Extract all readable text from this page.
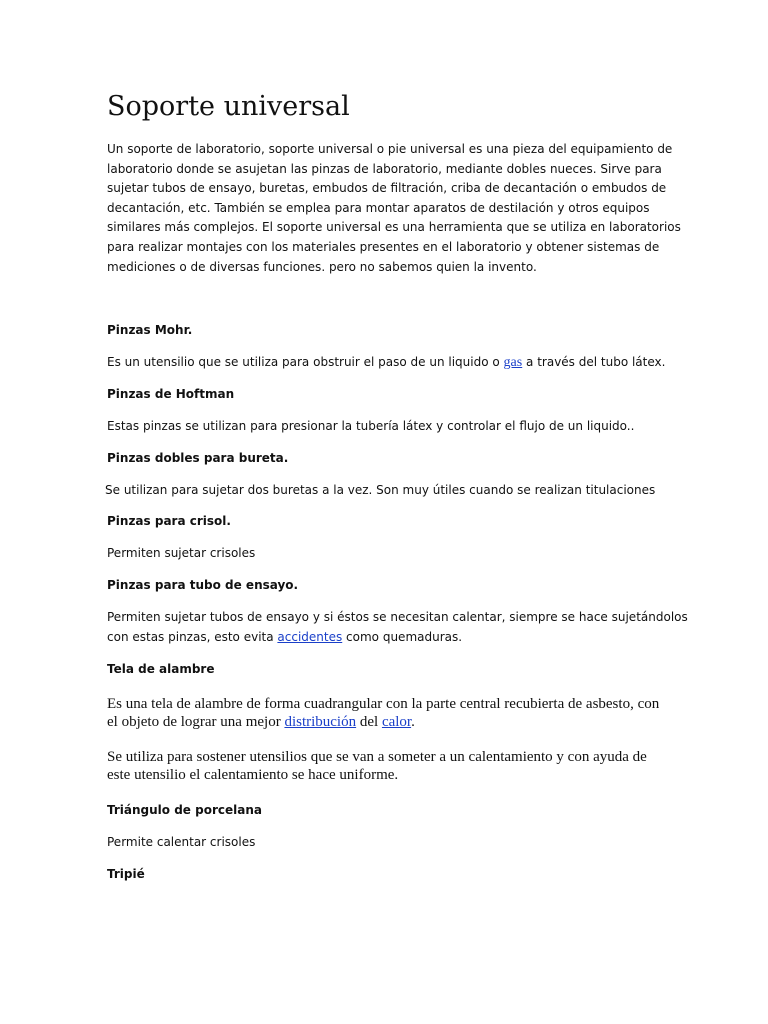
Soporte universal

Un soporte de laboratorio, soporte universal o pie universal es una pieza del equipamiento de

laboratorio donde se asujetan las pinzas de laboratorio, mediante dobles nueces. Sirve para

sujetar tubos de ensayo, buretas, embudos de filtración, criba de decantación o embudos de

decantación, etc. También se emplea para montar aparatos de destilación y otros equipos

similares más complejos. El soporte universal es una herramienta que se utiliza en laboratorios

para realizar montajes con los materiales presentes en el laboratorio y obtener sistemas de

mediciones o de diversas funciones. pero no sabemos quien la invento.

Pinzas Mohr.

Es un utensilio que se utiliza para obstruir el paso de un liquido o gas a través del tubo látex.

Pinzas de Hoftman

Estas pinzas se utilizan para presionar la tubería látex y controlar el flujo de un liquido..

Pinzas dobles para bureta.

Se utilizan para sujetar dos buretas a la vez. Son muy útiles cuando se realizan titulaciones

Pinzas para crisol.

Permiten sujetar crisoles

Pinzas para tubo de ensayo.

Permiten sujetar tubos de ensayo y si éstos se necesitan calentar, siempre se hace sujetándolos

con estas pinzas, esto evita accidentes como quemaduras.

Tela de alambre

Es una tela de alambre de forma cuadrangular con la parte central recubierta de asbesto, con

el objeto de lograr una mejor distribución del calor.

Se utiliza para sostener utensilios que se van a someter a un calentamiento y con ayuda de

este utensilio el calentamiento se hace uniforme.

Triángulo de porcelana

Permite calentar crisoles

Tripié
